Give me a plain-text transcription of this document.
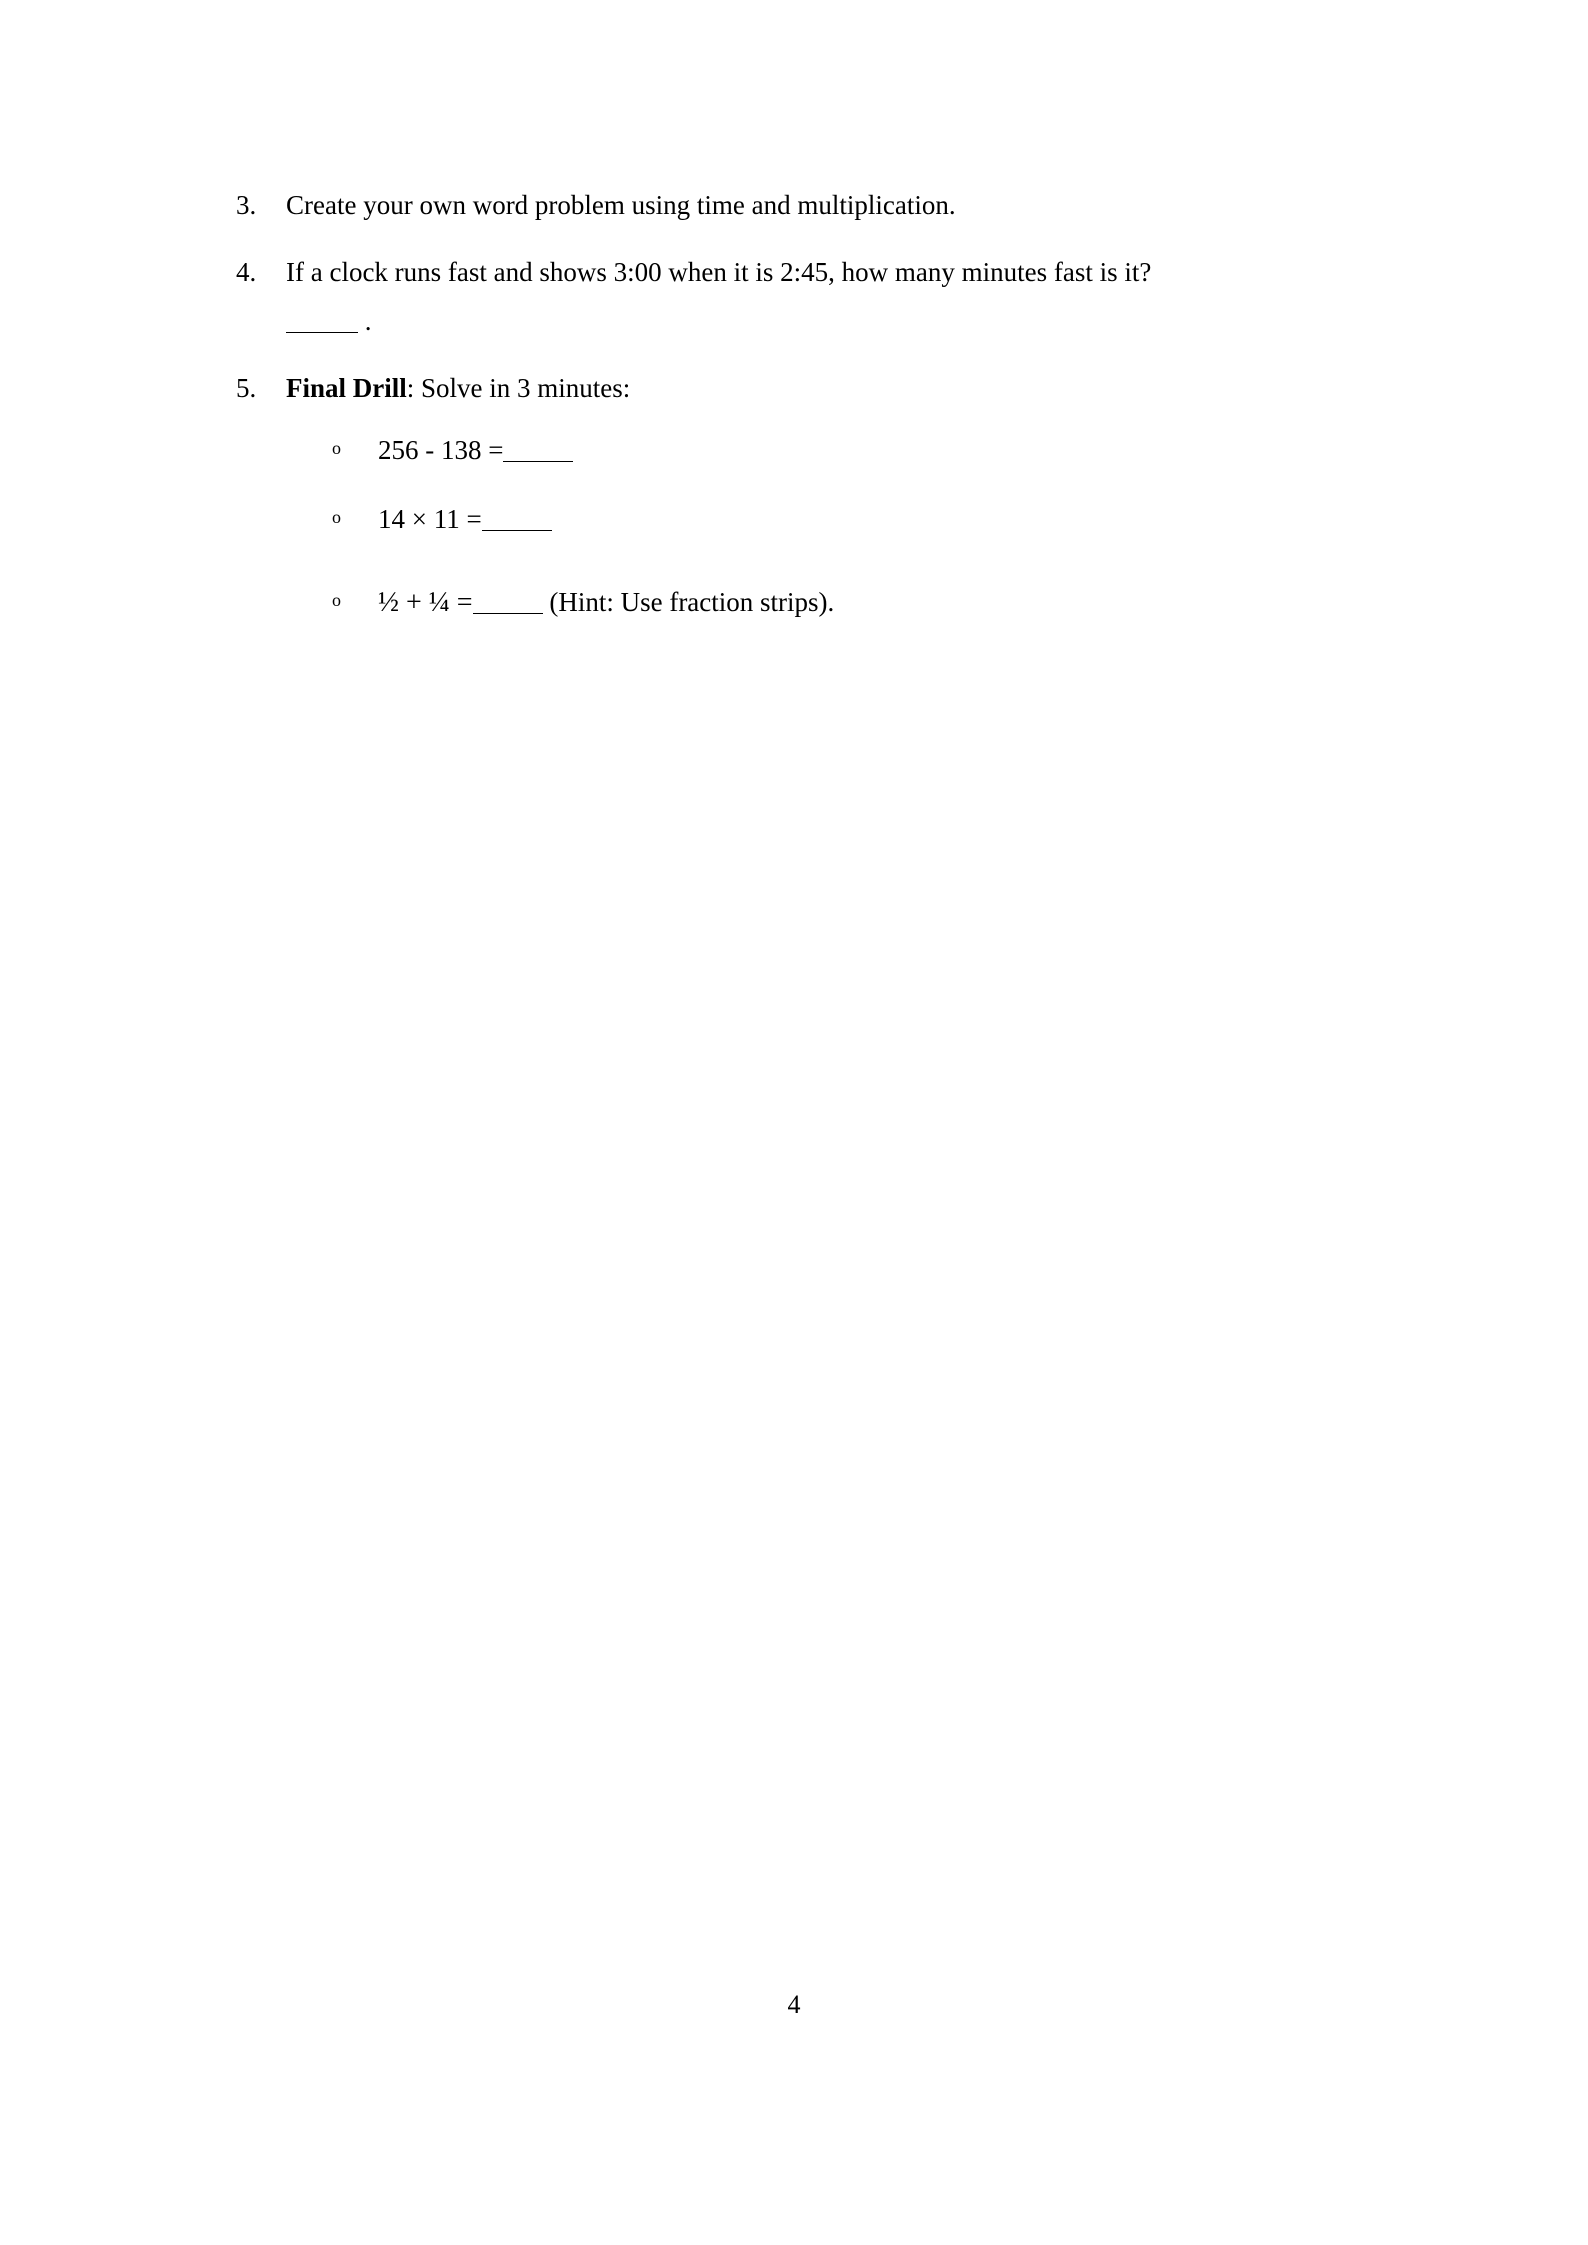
3.	Create your own word problem using time and multiplication.
4.	If a clock runs fast and shows 3:00 when it is 2:45, how many minutes fast is it?
.
5.	Final Drill: Solve in 3 minutes:
o 256 - 138 =
o 14 × 11 =
o ½ + ¼ =	(Hint: Use fraction strips).
4
